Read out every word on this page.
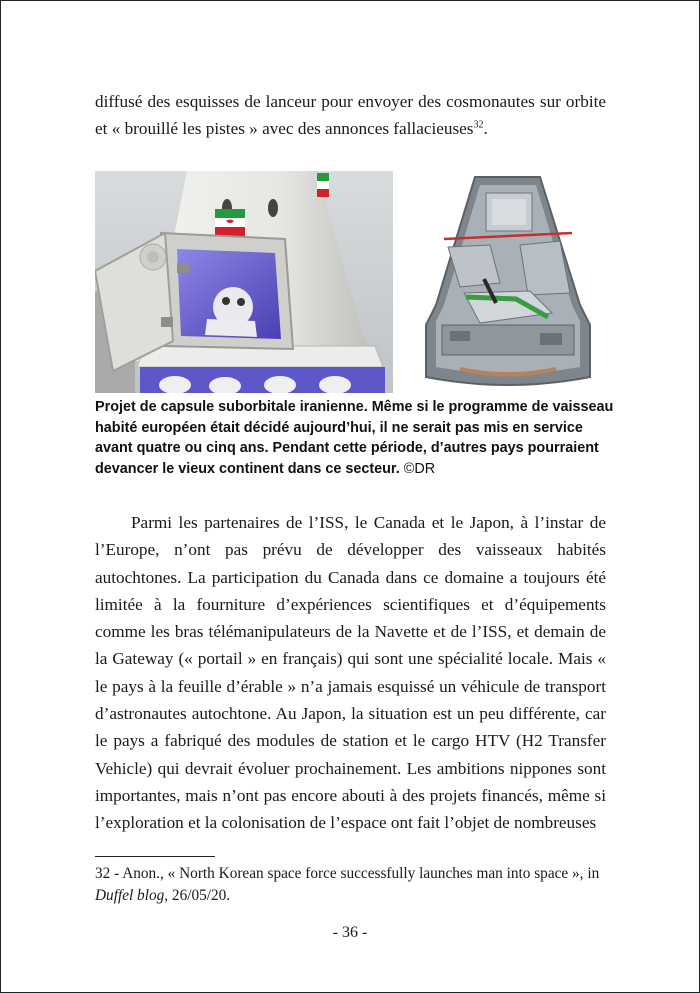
diffusé des esquisses de lanceur pour envoyer des cosmonautes sur orbite et « brouillé les pistes » avec des annonces fallacieuses$^{32}$.

Projet de capsule suborbitale iranienne. Même si le programme de vaisseau habité européen était décidé aujourd’hui, il ne serait pas mis en service avant quatre ou cinq ans. Pendant cette période, d’autres pays pourraient devancer le vieux continent dans ce secteur. ©DR

Parmi les partenaires de l’ISS, le Canada et le Japon, à l’instar de l’Europe, n’ont pas prévu de développer des vaisseaux habités autochtones. La participation du Canada dans ce domaine a toujours été limitée à la fourniture d’expériences scientifiques et d’équipements comme les bras télémanipulateurs de la Navette et de l’ISS, et demain de la Gateway (« portail » en français) qui sont une spécialité locale. Mais « le pays à la feuille d’érable » n’a jamais esquissé un véhicule de transport d’astronautes autochtone. Au Japon, la situation est un peu différente, car le pays a fabriqué des modules de station et le cargo HTV (H2 Transfer Vehicle) qui devrait évoluer prochainement. Les ambitions nippones sont importantes, mais n’ont pas encore abouti à des projets financés, même si l’exploration et la colonisation de l’espace ont fait l’objet de nombreuses

32 - Anon., « North Korean space force successfully launches man into space », in Duffel blog, 26/05/20.

- 36 -
